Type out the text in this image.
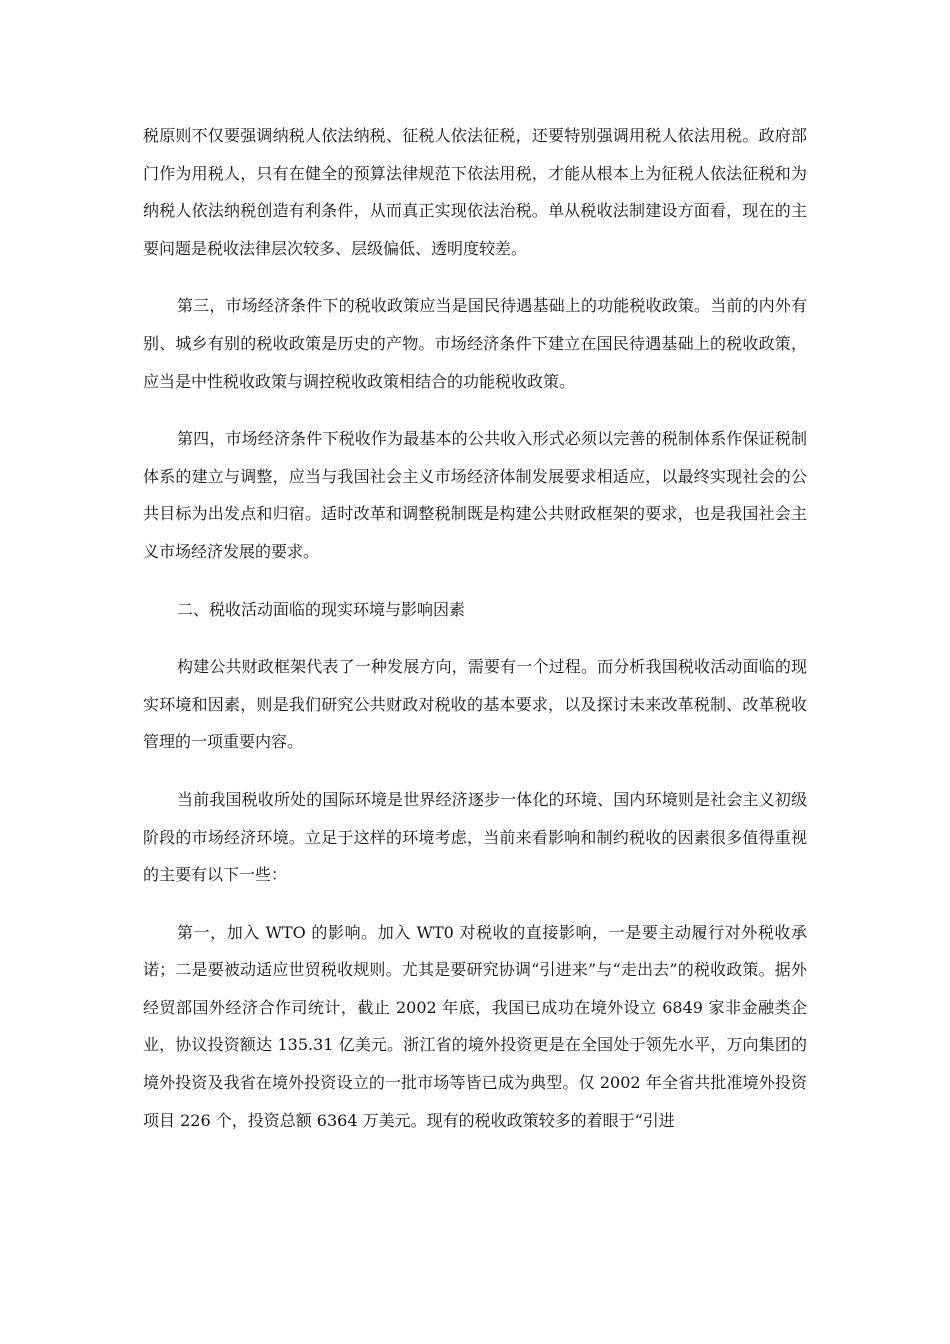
税原则不仅要强调纳税人依法纳税、征税人依法征税，还要特别强调用税人依法用税。政府部门作为用税人，只有在健全的预算法律规范下依法用税，才能从根本上为征税人依法征税和为纳税人依法纳税创造有利条件，从而真正实现依法治税。单从税收法制建设方面看，现在的主要问题是税收法律层次较多、层级偏低、透明度较差。

第三，市场经济条件下的税收政策应当是国民待遇基础上的功能税收政策。当前的内外有别、城乡有别的税收政策是历史的产物。市场经济条件下建立在国民待遇基础上的税收政策，应当是中性税收政策与调控税收政策相结合的功能税收政策。

第四，市场经济条件下税收作为最基本的公共收入形式必须以完善的税制体系作保证税制体系的建立与调整，应当与我国社会主义市场经济体制发展要求相适应，以最终实现社会的公共目标为出发点和归宿。适时改革和调整税制既是构建公共财政框架的要求，也是我国社会主义市场经济发展的要求。

二、税收活动面临的现实环境与影响因素

构建公共财政框架代表了一种发展方向，需要有一个过程。而分析我国税收活动面临的现实环境和因素，则是我们研究公共财政对税收的基本要求，以及探讨未来改革税制、改革税收管理的一项重要内容。

当前我国税收所处的国际环境是世界经济逐步一体化的环境、国内环境则是社会主义初级阶段的市场经济环境。立足于这样的环境考虑，当前来看影响和制约税收的因素很多值得重视的主要有以下一些：

第一，加入 WTO 的影响。加入 WT0 对税收的直接影响，一是要主动履行对外税收承诺；二是要被动适应世贸税收规则。尤其是要研究协调“引进来”与“走出去”的税收政策。据外经贸部国外经济合作司统计，截止 2002 年底，我国已成功在境外设立 6849 家非金融类企业，协议投资额达 135.31 亿美元。浙江省的境外投资更是在全国处于领先水平，万向集团的境外投资及我省在境外投资设立的一批市场等皆已成为典型。仅 2002 年全省共批准境外投资项目 226 个，投资总额 6364 万美元。现有的税收政策较多的着眼于“引进
